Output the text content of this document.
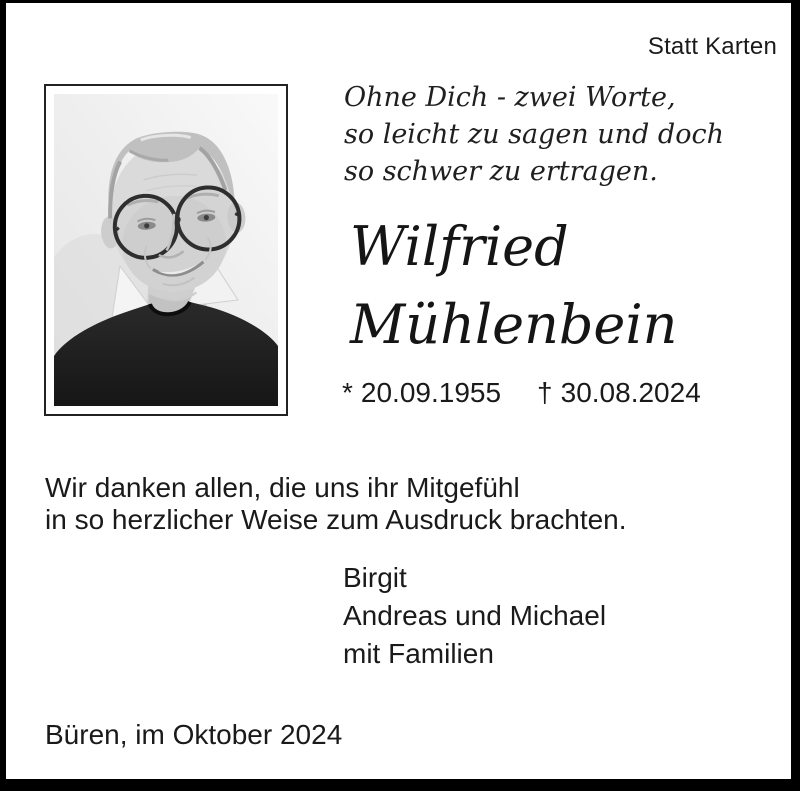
Statt Karten
Ohne Dich - zwei Worte,
so leicht zu sagen und doch
so schwer zu ertragen.
Wilfried
Mühlenbein
* 20.09.1955 † 30.08.2024
Wir danken allen, die uns ihr Mitgefühl
in so herzlicher Weise zum Ausdruck brachten.
Birgit
Andreas und Michael
mit Familien
Büren, im Oktober 2024
